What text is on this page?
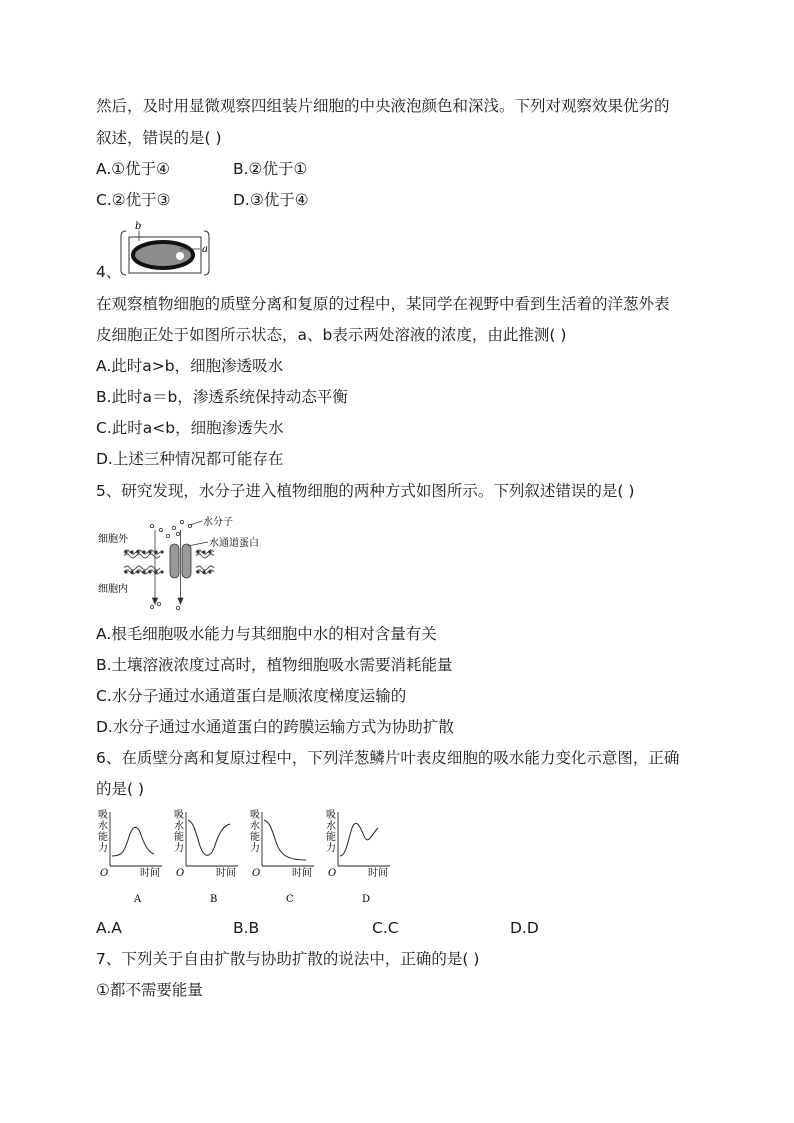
然后，及时用显微观察四组装片细胞的中央液泡颜色和深浅。下列对观察效果优劣的
叙述，错误的是( )
A.①优于④	B.②优于①
C.②优于③	D.③优于④
b
a
4、
在观察植物细胞的质壁分离和复原的过程中，某同学在视野中看到生活着的洋葱外表
皮细胞正处于如图所示状态，a、b表示两处溶液的浓度，由此推测( )
A.此时a>b，细胞渗透吸水
B.此时a＝b，渗透系统保持动态平衡
C.此时a<b，细胞渗透失水
D.上述三种情况都可能存在
5、研究发现，水分子进入植物细胞的两种方式如图所示。下列叙述错误的是( )
水分子
水通道蛋白
细胞外
细胞内
A.根毛细胞吸水能力与其细胞中水的相对含量有关
B.土壤溶液浓度过高时，植物细胞吸水需要消耗能量
C.水分子通过水通道蛋白是顺浓度梯度运输的
D.水分子通过水通道蛋白的跨膜运输方式为协助扩散
6、在质壁分离和复原过程中，下列洋葱鳞片叶表皮细胞的吸水能力变化示意图，正确
的是( )
吸
水
能
力
O	时间
A
吸
水
能
力
O	时间
B
吸
水
能
力
O	时间
C
吸
水
能
力
O	时间
D
A.A	B.B	C.C	D.D
7、下列关于自由扩散与协助扩散的说法中，正确的是( )
①都不需要能量
